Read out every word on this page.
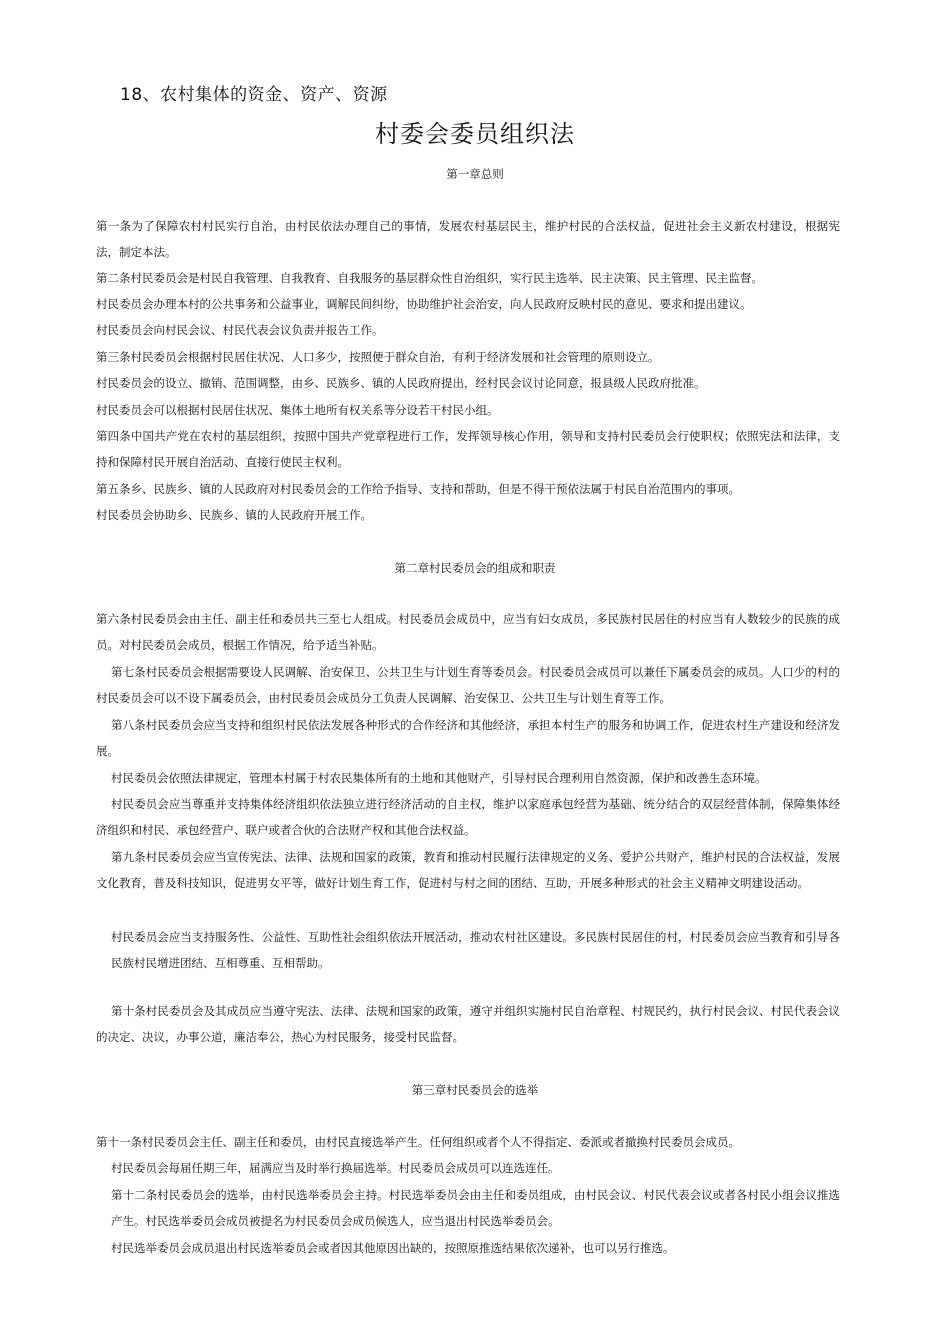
18、农村集体的资金、资产、资源
村委会委员组织法
第一章总则
第一条为了保障农村村民实行自治，由村民依法办理自己的事情，发展农村基层民主，维护村民的合法权益，促进社会主义新农村建设，根据宪法，制定本法。
第二条村民委员会是村民自我管理、自我教育、自我服务的基层群众性自治组织，实行民主选举、民主决策、民主管理、民主监督。
村民委员会办理本村的公共事务和公益事业，调解民间纠纷，协助维护社会治安，向人民政府反映村民的意见、要求和提出建议。
村民委员会向村民会议、村民代表会议负责并报告工作。
第三条村民委员会根据村民居住状况、人口多少，按照便于群众自治，有利于经济发展和社会管理的原则设立。
村民委员会的设立、撤销、范围调整，由乡、民族乡、镇的人民政府提出，经村民会议讨论同意，报县级人民政府批准。
村民委员会可以根据村民居住状况、集体土地所有权关系等分设若干村民小组。
第四条中国共产党在农村的基层组织，按照中国共产党章程进行工作，发挥领导核心作用，领导和支持村民委员会行使职权；依照宪法和法律，支持和保障村民开展自治活动、直接行使民主权利。
第五条乡、民族乡、镇的人民政府对村民委员会的工作给予指导、支持和帮助，但是不得干预依法属于村民自治范围内的事项。
村民委员会协助乡、民族乡、镇的人民政府开展工作。
第二章村民委员会的组成和职责
第六条村民委员会由主任、副主任和委员共三至七人组成。村民委员会成员中，应当有妇女成员，多民族村民居住的村应当有人数较少的民族的成员。对村民委员会成员，根据工作情况，给予适当补贴。
第七条村民委员会根据需要设人民调解、治安保卫、公共卫生与计划生育等委员会。村民委员会成员可以兼任下属委员会的成员。人口少的村的村民委员会可以不设下属委员会，由村民委员会成员分工负责人民调解、治安保卫、公共卫生与计划生育等工作。
第八条村民委员会应当支持和组织村民依法发展各种形式的合作经济和其他经济，承担本村生产的服务和协调工作，促进农村生产建设和经济发展。
村民委员会依照法律规定，管理本村属于村农民集体所有的土地和其他财产，引导村民合理利用自然资源，保护和改善生态环境。
村民委员会应当尊重并支持集体经济组织依法独立进行经济活动的自主权，维护以家庭承包经营为基础、统分结合的双层经营体制，保障集体经济组织和村民、承包经营户、联户或者合伙的合法财产权和其他合法权益。
第九条村民委员会应当宣传宪法、法律、法规和国家的政策，教育和推动村民履行法律规定的义务、爱护公共财产，维护村民的合法权益，发展文化教育，普及科技知识，促进男女平等，做好计划生育工作，促进村与村之间的团结、互助，开展多种形式的社会主义精神文明建设活动。
村民委员会应当支持服务性、公益性、互助性社会组织依法开展活动，推动农村社区建设。多民族村民居住的村，村民委员会应当教育和引导各民族村民增进团结、互相尊重、互相帮助。
第十条村民委员会及其成员应当遵守宪法、法律、法规和国家的政策，遵守并组织实施村民自治章程、村规民约，执行村民会议、村民代表会议的决定、决议，办事公道，廉洁奉公，热心为村民服务，接受村民监督。
第三章村民委员会的选举
第十一条村民委员会主任、副主任和委员，由村民直接选举产生。任何组织或者个人不得指定、委派或者撤换村民委员会成员。
村民委员会每届任期三年，届满应当及时举行换届选举。村民委员会成员可以连选连任。
第十二条村民委员会的选举，由村民选举委员会主持。村民选举委员会由主任和委员组成，由村民会议、村民代表会议或者各村民小组会议推选产生。村民选举委员会成员被提名为村民委员会成员候选人，应当退出村民选举委员会。
村民选举委员会成员退出村民选举委员会或者因其他原因出缺的，按照原推选结果依次递补，也可以另行推选。
